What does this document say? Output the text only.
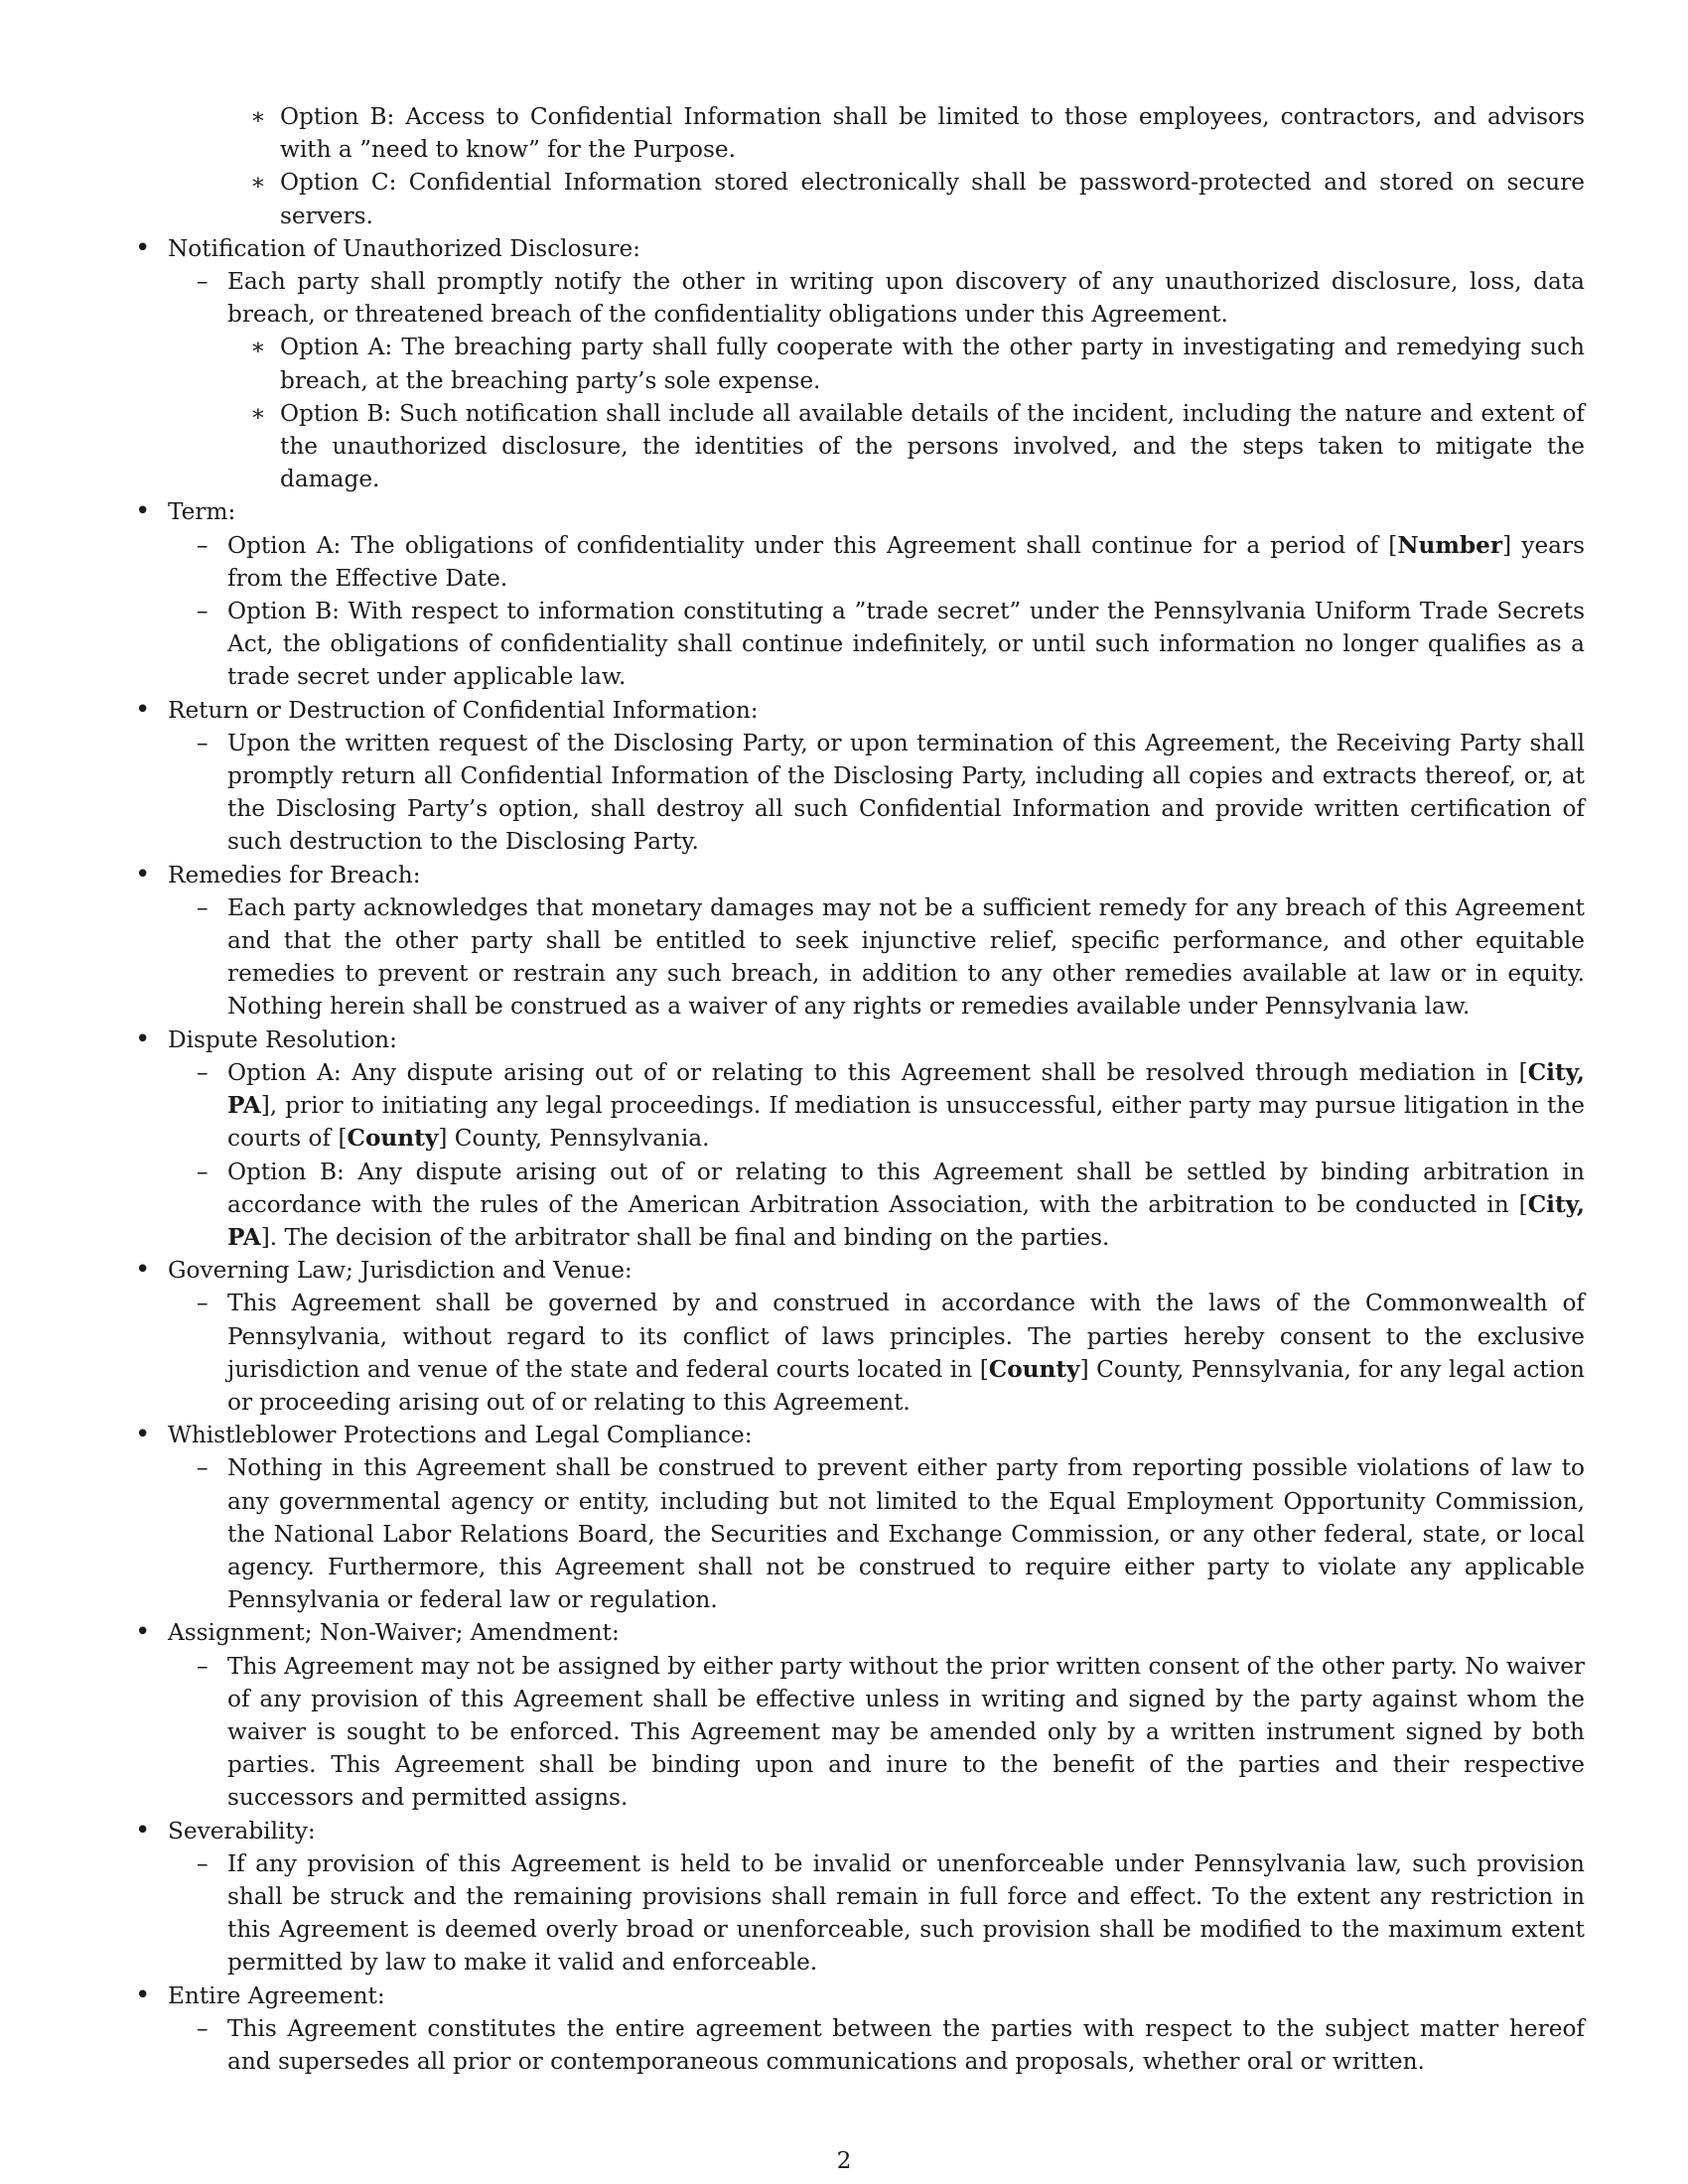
∗ Option B: Access to Confidential Information shall be limited to those employees, contractors, and advisors with a ”need to know” for the Purpose.
∗ Option C: Confidential Information stored electronically shall be password-protected and stored on secure servers.
• Notification of Unauthorized Disclosure:
– Each party shall promptly notify the other in writing upon discovery of any unauthorized disclosure, loss, data breach, or threatened breach of the confidentiality obligations under this Agreement.
∗ Option A: The breaching party shall fully cooperate with the other party in investigating and remedying such breach, at the breaching party’s sole expense.
∗ Option B: Such notification shall include all available details of the incident, including the nature and extent of the unauthorized disclosure, the identities of the persons involved, and the steps taken to mitigate the damage.
• Term:
– Option A: The obligations of confidentiality under this Agreement shall continue for a period of [Number] years from the Effective Date.
– Option B: With respect to information constituting a ”trade secret” under the Pennsylvania Uniform Trade Secrets Act, the obligations of confidentiality shall continue indefinitely, or until such information no longer qualifies as a trade secret under applicable law.
• Return or Destruction of Confidential Information:
– Upon the written request of the Disclosing Party, or upon termination of this Agreement, the Receiving Party shall promptly return all Confidential Information of the Disclosing Party, including all copies and extracts thereof, or, at the Disclosing Party’s option, shall destroy all such Confidential Information and provide written certification of such destruction to the Disclosing Party.
• Remedies for Breach:
– Each party acknowledges that monetary damages may not be a sufficient remedy for any breach of this Agreement and that the other party shall be entitled to seek injunctive relief, specific performance, and other equitable remedies to prevent or restrain any such breach, in addition to any other remedies available at law or in equity. Nothing herein shall be construed as a waiver of any rights or remedies available under Pennsylvania law.
• Dispute Resolution:
– Option A: Any dispute arising out of or relating to this Agreement shall be resolved through mediation in [City, PA], prior to initiating any legal proceedings. If mediation is unsuccessful, either party may pursue litigation in the courts of [County] County, Pennsylvania.
– Option B: Any dispute arising out of or relating to this Agreement shall be settled by binding arbitration in accordance with the rules of the American Arbitration Association, with the arbitration to be conducted in [City, PA]. The decision of the arbitrator shall be final and binding on the parties.
• Governing Law; Jurisdiction and Venue:
– This Agreement shall be governed by and construed in accordance with the laws of the Commonwealth of Pennsylvania, without regard to its conflict of laws principles. The parties hereby consent to the exclusive jurisdiction and venue of the state and federal courts located in [County] County, Pennsylvania, for any legal action or proceeding arising out of or relating to this Agreement.
• Whistleblower Protections and Legal Compliance:
– Nothing in this Agreement shall be construed to prevent either party from reporting possible violations of law to any governmental agency or entity, including but not limited to the Equal Employment Opportunity Commission, the National Labor Relations Board, the Securities and Exchange Commission, or any other federal, state, or local agency. Furthermore, this Agreement shall not be construed to require either party to violate any applicable Pennsylvania or federal law or regulation.
• Assignment; Non-Waiver; Amendment:
– This Agreement may not be assigned by either party without the prior written consent of the other party. No waiver of any provision of this Agreement shall be effective unless in writing and signed by the party against whom the waiver is sought to be enforced. This Agreement may be amended only by a written instrument signed by both parties. This Agreement shall be binding upon and inure to the benefit of the parties and their respective successors and permitted assigns.
• Severability:
– If any provision of this Agreement is held to be invalid or unenforceable under Pennsylvania law, such provision shall be struck and the remaining provisions shall remain in full force and effect. To the extent any restriction in this Agreement is deemed overly broad or unenforceable, such provision shall be modified to the maximum extent permitted by law to make it valid and enforceable.
• Entire Agreement:
– This Agreement constitutes the entire agreement between the parties with respect to the subject matter hereof and supersedes all prior or contemporaneous communications and proposals, whether oral or written.
2
